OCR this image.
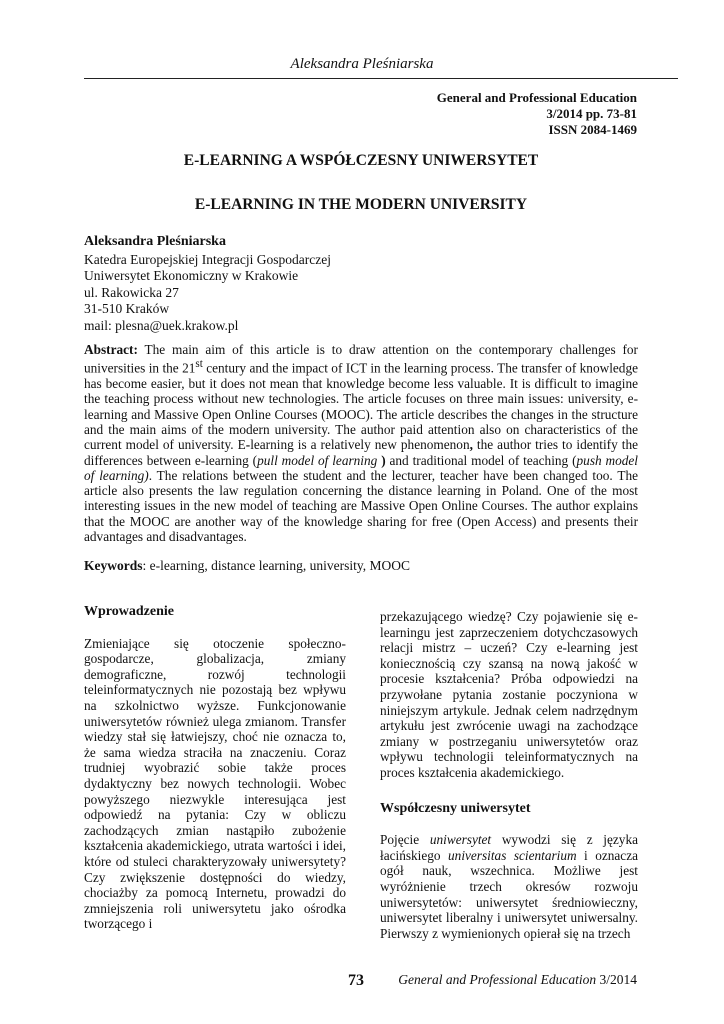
Aleksandra Pleśniarska
General and Professional Education
3/2014 pp. 73-81
ISSN 2084-1469
E-LEARNING A WSPÓŁCZESNY UNIWERSYTET
E-LEARNING IN THE MODERN UNIVERSITY
Aleksandra Pleśniarska
Katedra Europejskiej Integracji Gospodarczej
Uniwersytet Ekonomiczny w Krakowie
ul. Rakowicka 27
31-510 Kraków
mail: plesna@uek.krakow.pl
Abstract: The main aim of this article is to draw attention on the contemporary challenges for universities in the 21st century and the impact of ICT in the learning process. The transfer of knowledge has become easier, but it does not mean that knowledge become less valuable. It is difficult to imagine the teaching process without new technologies. The article focuses on three main issues: university, e-learning and Massive Open Online Courses (MOOC). The article describes the changes in the structure and the main aims of the modern university. The author paid attention also on characteristics of the current model of university. E-learning is a relatively new phenomenon, the author tries to identify the differences between e-learning (pull model of learning ) and traditional model of teaching (push model of learning). The relations between the student and the lecturer, teacher have been changed too. The article also presents the law regulation concerning the distance learning in Poland. One of the most interesting issues in the new model of teaching are Massive Open Online Courses. The author explains that the MOOC are another way of the knowledge sharing for free (Open Access) and presents their advantages and disadvantages.
Keywords: e-learning, distance learning, university, MOOC
Wprowadzenie

Zmieniające się otoczenie społeczno-gospodarcze, globalizacja, zmiany demograficzne, rozwój technologii teleinformatycznych nie pozostają bez wpływu na szkolnictwo wyższe. Funkcjonowanie uniwersytetów również ulega zmianom. Transfer wiedzy stał się łatwiejszy, choć nie oznacza to, że sama wiedza straciła na znaczeniu. Coraz trudniej wyobrazić sobie także proces dydaktyczny bez nowych technologii. Wobec powyższego niezwykle interesująca jest odpowiedź na pytania: Czy w obliczu zachodzących zmian nastąpiło zubożenie kształcenia akademickiego, utrata wartości i idei, które od stuleci charakteryzowały uniwersytety? Czy zwiększenie dostępności do wiedzy, chociażby za pomocą Internetu, prowadzi do zmniejszenia roli uniwersytetu jako ośrodka tworzącego i

przekazującego wiedzę? Czy pojawienie się e-learningu jest zaprzeczeniem dotychczasowych relacji mistrz – uczeń? Czy e-learning jest koniecznością czy szansą na nową jakość w procesie kształcenia? Próba odpowiedzi na przywołane pytania zostanie poczyniona w niniejszym artykule. Jednak celem nadrzędnym artykułu jest zwrócenie uwagi na zachodzące zmiany w postrzeganiu uniwersytetów oraz wpływu technologii teleinformatycznych na proces kształcenia akademickiego.

Współczesny uniwersytet

Pojęcie uniwersytet wywodzi się z języka łacińskiego universitas scientarium i oznacza ogół nauk, wszechnica. Możliwe jest wyróżnienie trzech okresów rozwoju uniwersytetów: uniwersytet średniowieczny, uniwersytet liberalny i uniwersytet uniwersalny. Pierwszy z wymienionych opierał się na trzech

73	General and Professional Education 3/2014
